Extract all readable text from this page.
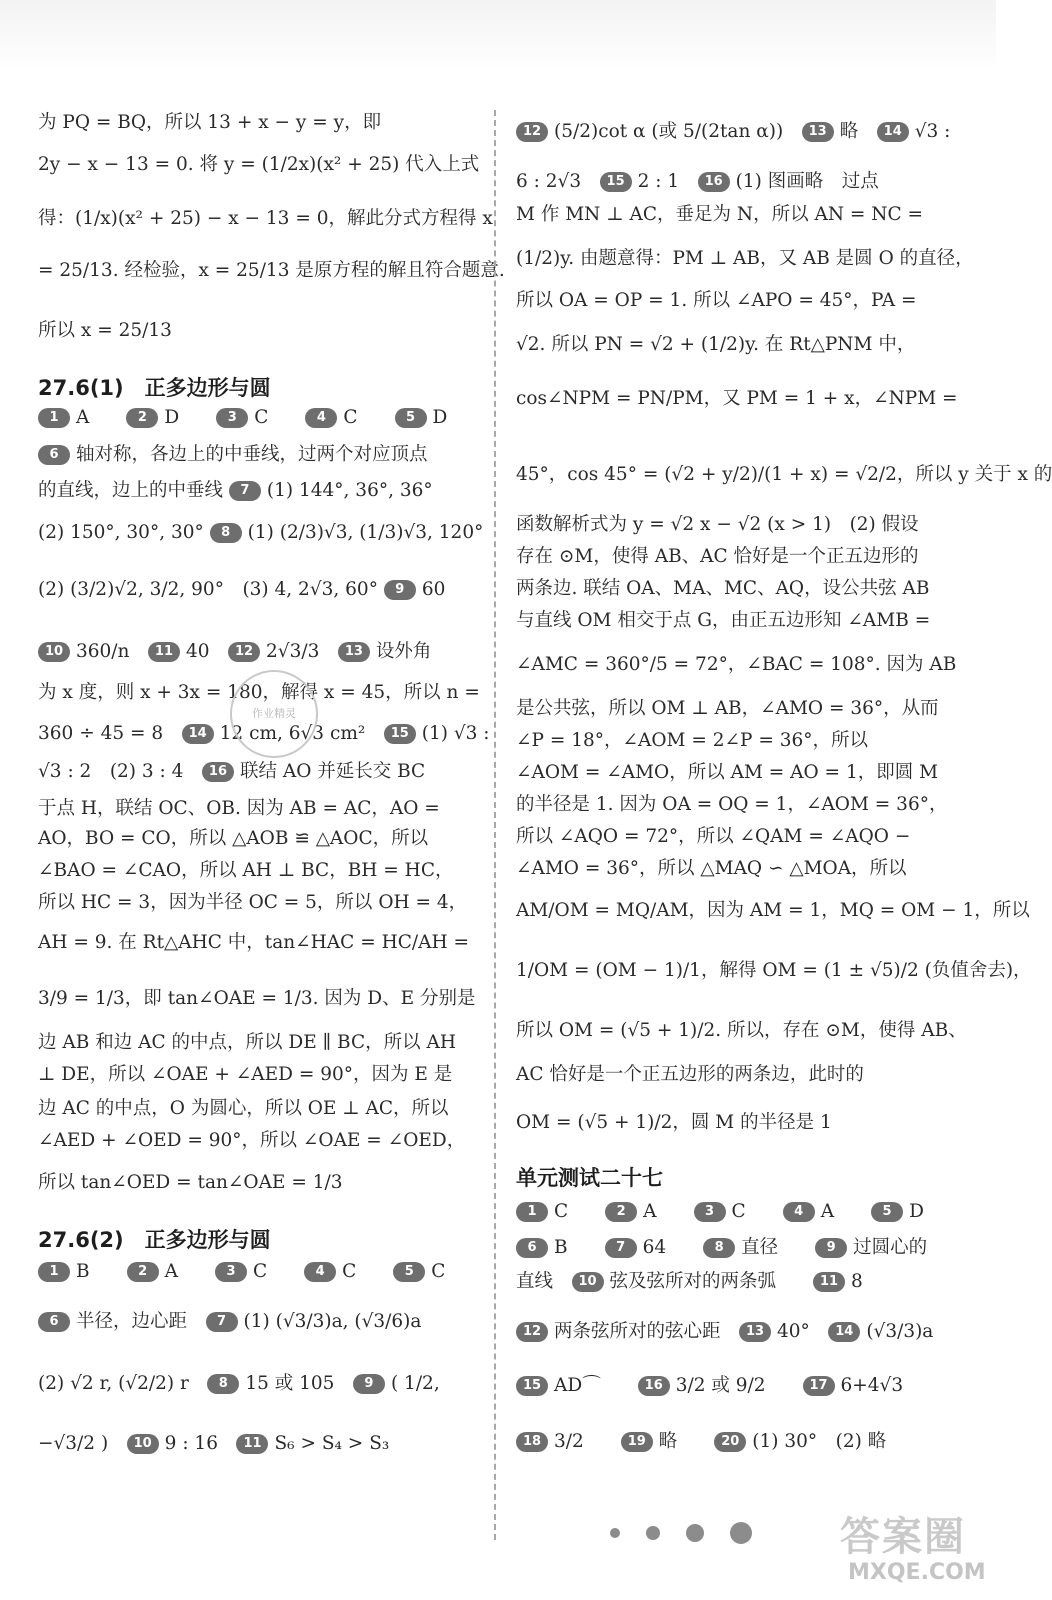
为 PQ = BQ，所以 13 + x − y = y，即
2y − x − 13 = 0. 将 y = (1/2x)(x² + 25) 代入上式
得：(1/x)(x² + 25) − x − 13 = 0，解此分式方程得 x
= 25/13. 经检验，x = 25/13 是原方程的解且符合题意.
所以 x = 25/13
27.6(1)　正多边形与圆
1 A　　2 D　　3 C　　4 C　　5 D
6 轴对称，各边上的中垂线，过两个对应顶点
的直线，边上的中垂线 7 (1) 144°, 36°, 36°
(2) 150°, 30°, 30° 8 (1) (2/3)√3, (1/3)√3, 120°
(2) (3/2)√2, 3/2, 90°　(3) 4, 2√3, 60° 9 60
10 360/n　11 40　12 2√3/3　13 设外角
为 x 度，则 x + 3x = 180，解得 x = 45，所以 n =
360 ÷ 45 = 8　14 12 cm, 6√3 cm²　15 (1) √3 :
√3 : 2　(2) 3 : 4　16 联结 AO 并延长交 BC
于点 H，联结 OC、OB. 因为 AB = AC，AO =
AO，BO = CO，所以 △AOB ≌ △AOC，所以
∠BAO = ∠CAO，所以 AH ⊥ BC，BH = HC，
所以 HC = 3，因为半径 OC = 5，所以 OH = 4，
AH = 9. 在 Rt△AHC 中，tan∠HAC = HC/AH =
3/9 = 1/3，即 tan∠OAE = 1/3. 因为 D、E 分别是
边 AB 和边 AC 的中点，所以 DE ∥ BC，所以 AH
⊥ DE，所以 ∠OAE + ∠AED = 90°，因为 E 是
边 AC 的中点，O 为圆心，所以 OE ⊥ AC，所以
∠AED + ∠OED = 90°，所以 ∠OAE = ∠OED，
所以 tan∠OED = tan∠OAE = 1/3
27.6(2)　正多边形与圆
1 B　　2 A　　3 C　　4 C　　5 C
6 半径，边心距　7 (1) (√3/3)a, (√3/6)a
(2) √2 r, (√2/2) r　8 15 或 105　9 ( 1/2,
−√3/2 )　10 9 : 16　11 S₆ > S₄ > S₃
12 (5/2)cot α (或 5/(2tan α))　13 略　14 √3 :
6 : 2√3　15 2 : 1　16 (1) 图画略　过点
M 作 MN ⊥ AC，垂足为 N，所以 AN = NC =
(1/2)y. 由题意得：PM ⊥ AB，又 AB 是圆 O 的直径，
所以 OA = OP = 1. 所以 ∠APO = 45°，PA =
√2. 所以 PN = √2 + (1/2)y. 在 Rt△PNM 中，
cos∠NPM = PN/PM，又 PM = 1 + x，∠NPM =
45°，cos 45° = (√2 + y/2)/(1 + x) = √2/2，所以 y 关于 x 的
函数解析式为 y = √2 x − √2 (x > 1)　(2) 假设
存在 ⊙M，使得 AB、AC 恰好是一个正五边形的
两条边. 联结 OA、MA、MC、AQ，设公共弦 AB
与直线 OM 相交于点 G，由正五边形知 ∠AMB =
∠AMC = 360°/5 = 72°，∠BAC = 108°. 因为 AB
是公共弦，所以 OM ⊥ AB，∠AMO = 36°，从而
∠P = 18°，∠AOM = 2∠P = 36°，所以
∠AOM = ∠AMO，所以 AM = AO = 1，即圆 M
的半径是 1. 因为 OA = OQ = 1，∠AOM = 36°，
所以 ∠AQO = 72°，所以 ∠QAM = ∠AQO −
∠AMO = 36°，所以 △MAQ ∽ △MOA，所以
AM/OM = MQ/AM，因为 AM = 1，MQ = OM − 1，所以
1/OM = (OM − 1)/1，解得 OM = (1 ± √5)/2 (负值舍去)，
所以 OM = (√5 + 1)/2. 所以，存在 ⊙M，使得 AB、
AC 恰好是一个正五边形的两条边，此时的
OM = (√5 + 1)/2，圆 M 的半径是 1
单元测试二十七
1 C　　2 A　　3 C　　4 A　　5 D
6 B　　7 64　　8 直径　　9 过圆心的
直线　10 弦及弦所对的两条弧　　11 8
12 两条弦所对的弦心距　13 40°　14 (√3/3)a
15 AD⌒　　16 3/2 或 9/2　　17 6+4√3
18 3/2　　19 略　　20 (1) 30°　(2) 略
作业精灵
答案圈
MXQE.COM
